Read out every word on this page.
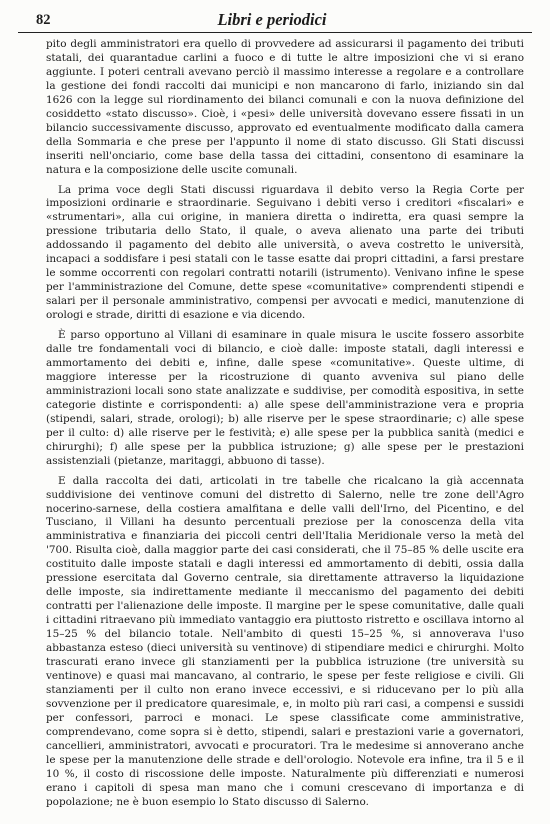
82	Libri e periodici

pito degli amministratori era quello di provvedere ad assicurarsi il pagamento dei tributi statali, dei quarantadue carlini a fuoco e di tutte le altre imposizioni che vi si erano aggiunte. I poteri centrali avevano perciò il massimo interesse a regolare e a controllare la gestione dei fondi raccolti dai municipi e non mancarono di farlo, iniziando sin dal 1626 con la legge sul riordinamento dei bilanci comunali e con la nuova definizione del cosiddetto «stato discusso». Cioè, i «pesi» delle università dovevano essere fissati in un bilancio successivamente discusso, approvato ed eventualmente modificato dalla camera della Sommaria e che prese per l'appunto il nome di stato discusso. Gli Stati discussi inseriti nell'onciario, come base della tassa dei cittadini, consentono di esaminare la natura e la composizione delle uscite comunali.

La prima voce degli Stati discussi riguardava il debito verso la Regia Corte per imposizioni ordinarie e straordinarie. Seguivano i debiti verso i creditori «fiscalari» e «strumentari», alla cui origine, in maniera diretta o indiretta, era quasi sempre la pressione tributaria dello Stato, il quale, o aveva alienato una parte dei tributi addossando il pagamento del debito alle università, o aveva costretto le università, incapaci a soddisfare i pesi statali con le tasse esatte dai propri cittadini, a farsi prestare le somme occorrenti con regolari contratti notarili (istrumento). Venivano infine le spese per l'amministrazione del Comune, dette spese «comunitative» comprendenti stipendi e salari per il personale amministrativo, compensi per avvocati e medici, manutenzione di orologi e strade, diritti di esazione e via dicendo.

È parso opportuno al Villani di esaminare in quale misura le uscite fossero assorbite dalle tre fondamentali voci di bilancio, e cioè dalle: imposte statali, dagli interessi e ammortamento dei debiti e, infine, dalle spese «comunitative». Queste ultime, di maggiore interesse per la ricostruzione di quanto avveniva sul piano delle amministrazioni locali sono state analizzate e suddivise, per comodità espositiva, in sette categorie distinte e corrispondenti: a) alle spese dell'amministrazione vera e propria (stipendi, salari, strade, orologi); b) alle riserve per le spese straordinarie; c) alle spese per il culto: d) alle riserve per le festività; e) alle spese per la pubblica sanità (medici e chirurghi); f) alle spese per la pubblica istruzione; g) alle spese per le prestazioni assistenziali (pietanze, maritaggi, abbuono di tasse).

E dalla raccolta dei dati, articolati in tre tabelle che ricalcano la già accennata suddivisione dei ventinove comuni del distretto di Salerno, nelle tre zone dell'Agro nocerino-sarnese, della costiera amalfitana e delle valli dell'Irno, del Picentino, e del Tusciano, il Villani ha desunto percentuali preziose per la conoscenza della vita amministrativa e finanziaria dei piccoli centri dell'Italia Meridionale verso la metà del '700. Risulta cioè, dalla maggior parte dei casi considerati, che il 75–85 % delle uscite era costituito dalle imposte statali e dagli interessi ed ammortamento di debiti, ossia dalla pressione esercitata dal Governo centrale, sia direttamente attraverso la liquidazione delle imposte, sia indirettamente mediante il meccanismo del pagamento dei debiti contratti per l'alienazione delle imposte. Il margine per le spese comunitative, dalle quali i cittadini ritraevano più immediato vantaggio era piuttosto ristretto e oscillava intorno al 15–25 % del bilancio totale. Nell'ambito di questi 15–25 %, si annoverava l'uso abbastanza esteso (dieci università su ventinove) di stipendiare medici e chirurghi. Molto trascurati erano invece gli stanziamenti per la pubblica istruzione (tre università su ventinove) e quasi mai mancavano, al contrario, le spese per feste religiose e civili. Gli stanziamenti per il culto non erano invece eccessivi, e si riducevano per lo più alla sovvenzione per il predicatore quaresimale, e, in molto più rari casi, a compensi e sussidi per confessori, parroci e monaci. Le spese classificate come amministrative, comprendevano, come sopra si è detto, stipendi, salari e prestazioni varie a governatori, cancellieri, amministratori, avvocati e procuratori. Tra le medesime si annoverano anche le spese per la manutenzione delle strade e dell'orologio. Notevole era infine, tra il 5 e il 10 %, il costo di riscossione delle imposte. Naturalmente più differenziati e numerosi erano i capitoli di spesa man mano che i comuni crescevano di importanza e di popolazione; ne è buon esempio lo Stato discusso di Salerno.
